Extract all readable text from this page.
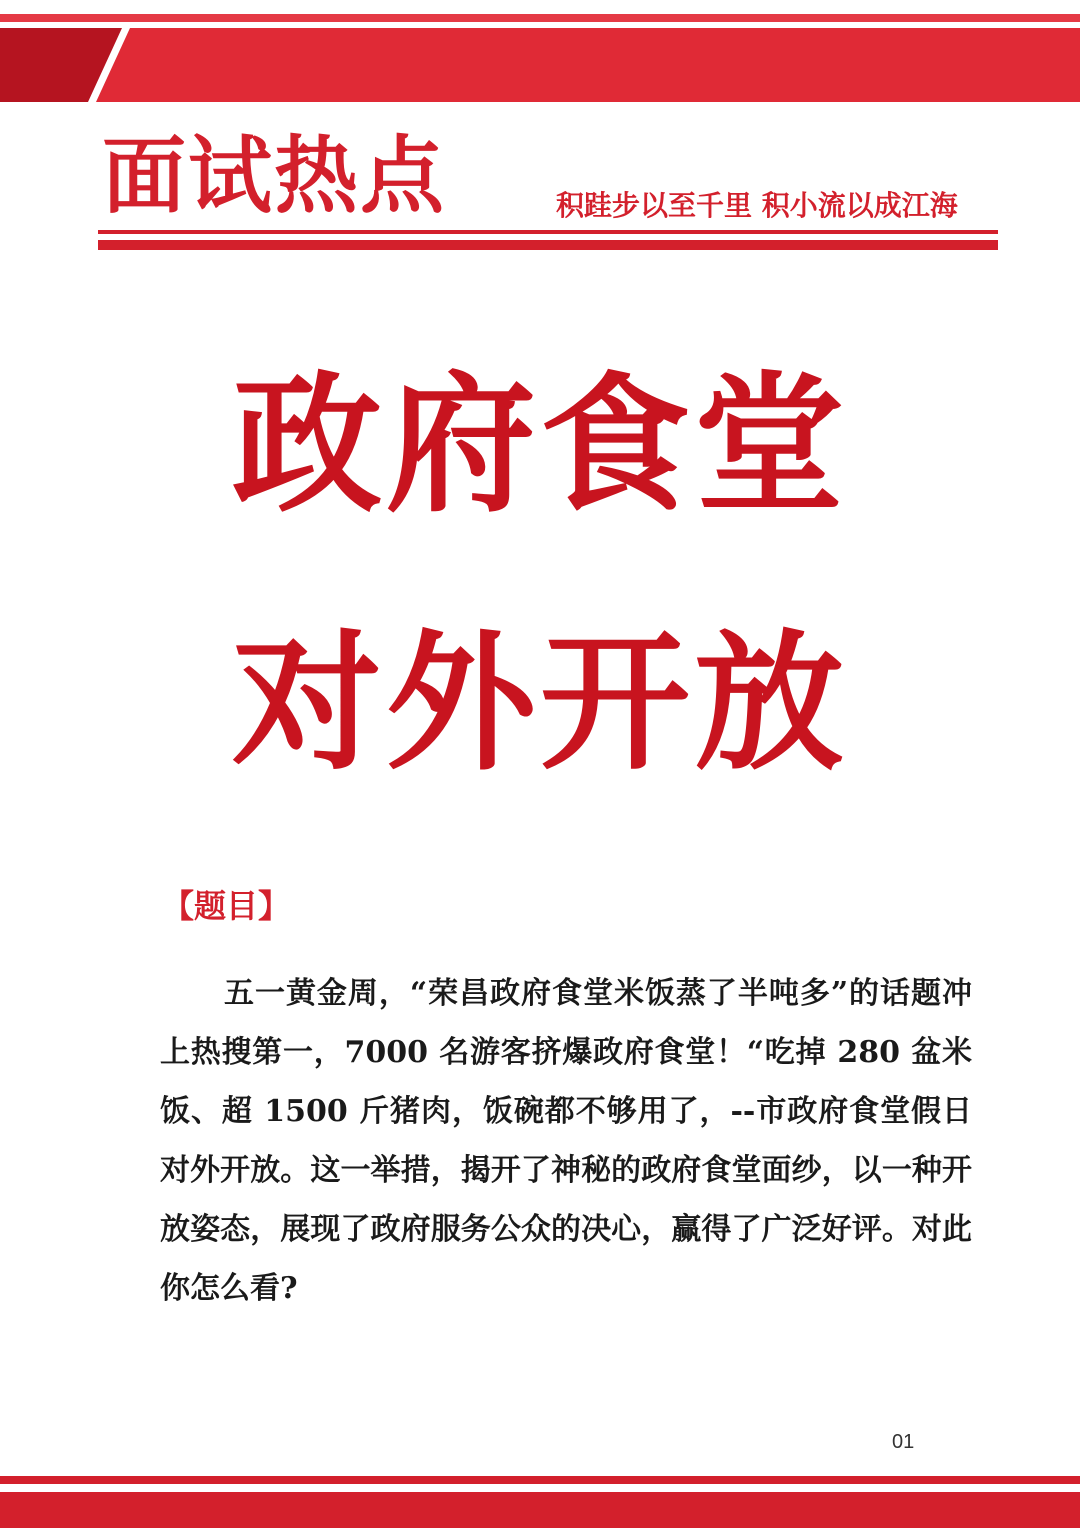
面试热点	积跬步以至千里 积小流以成江海
政府食堂
对外开放
【题目】

五一黄金周，“荣昌政府食堂米饭蒸了半吨多”的话题冲上热搜第一，7000 名游客挤爆政府食堂！“吃掉 280 盆米饭、超 1500 斤猪肉，饭碗都不够用了，--市政府食堂假日对外开放。这一举措，揭开了神秘的政府食堂面纱，以一种开放姿态，展现了政府服务公众的决心，赢得了广泛好评。对此你怎么看?

01
